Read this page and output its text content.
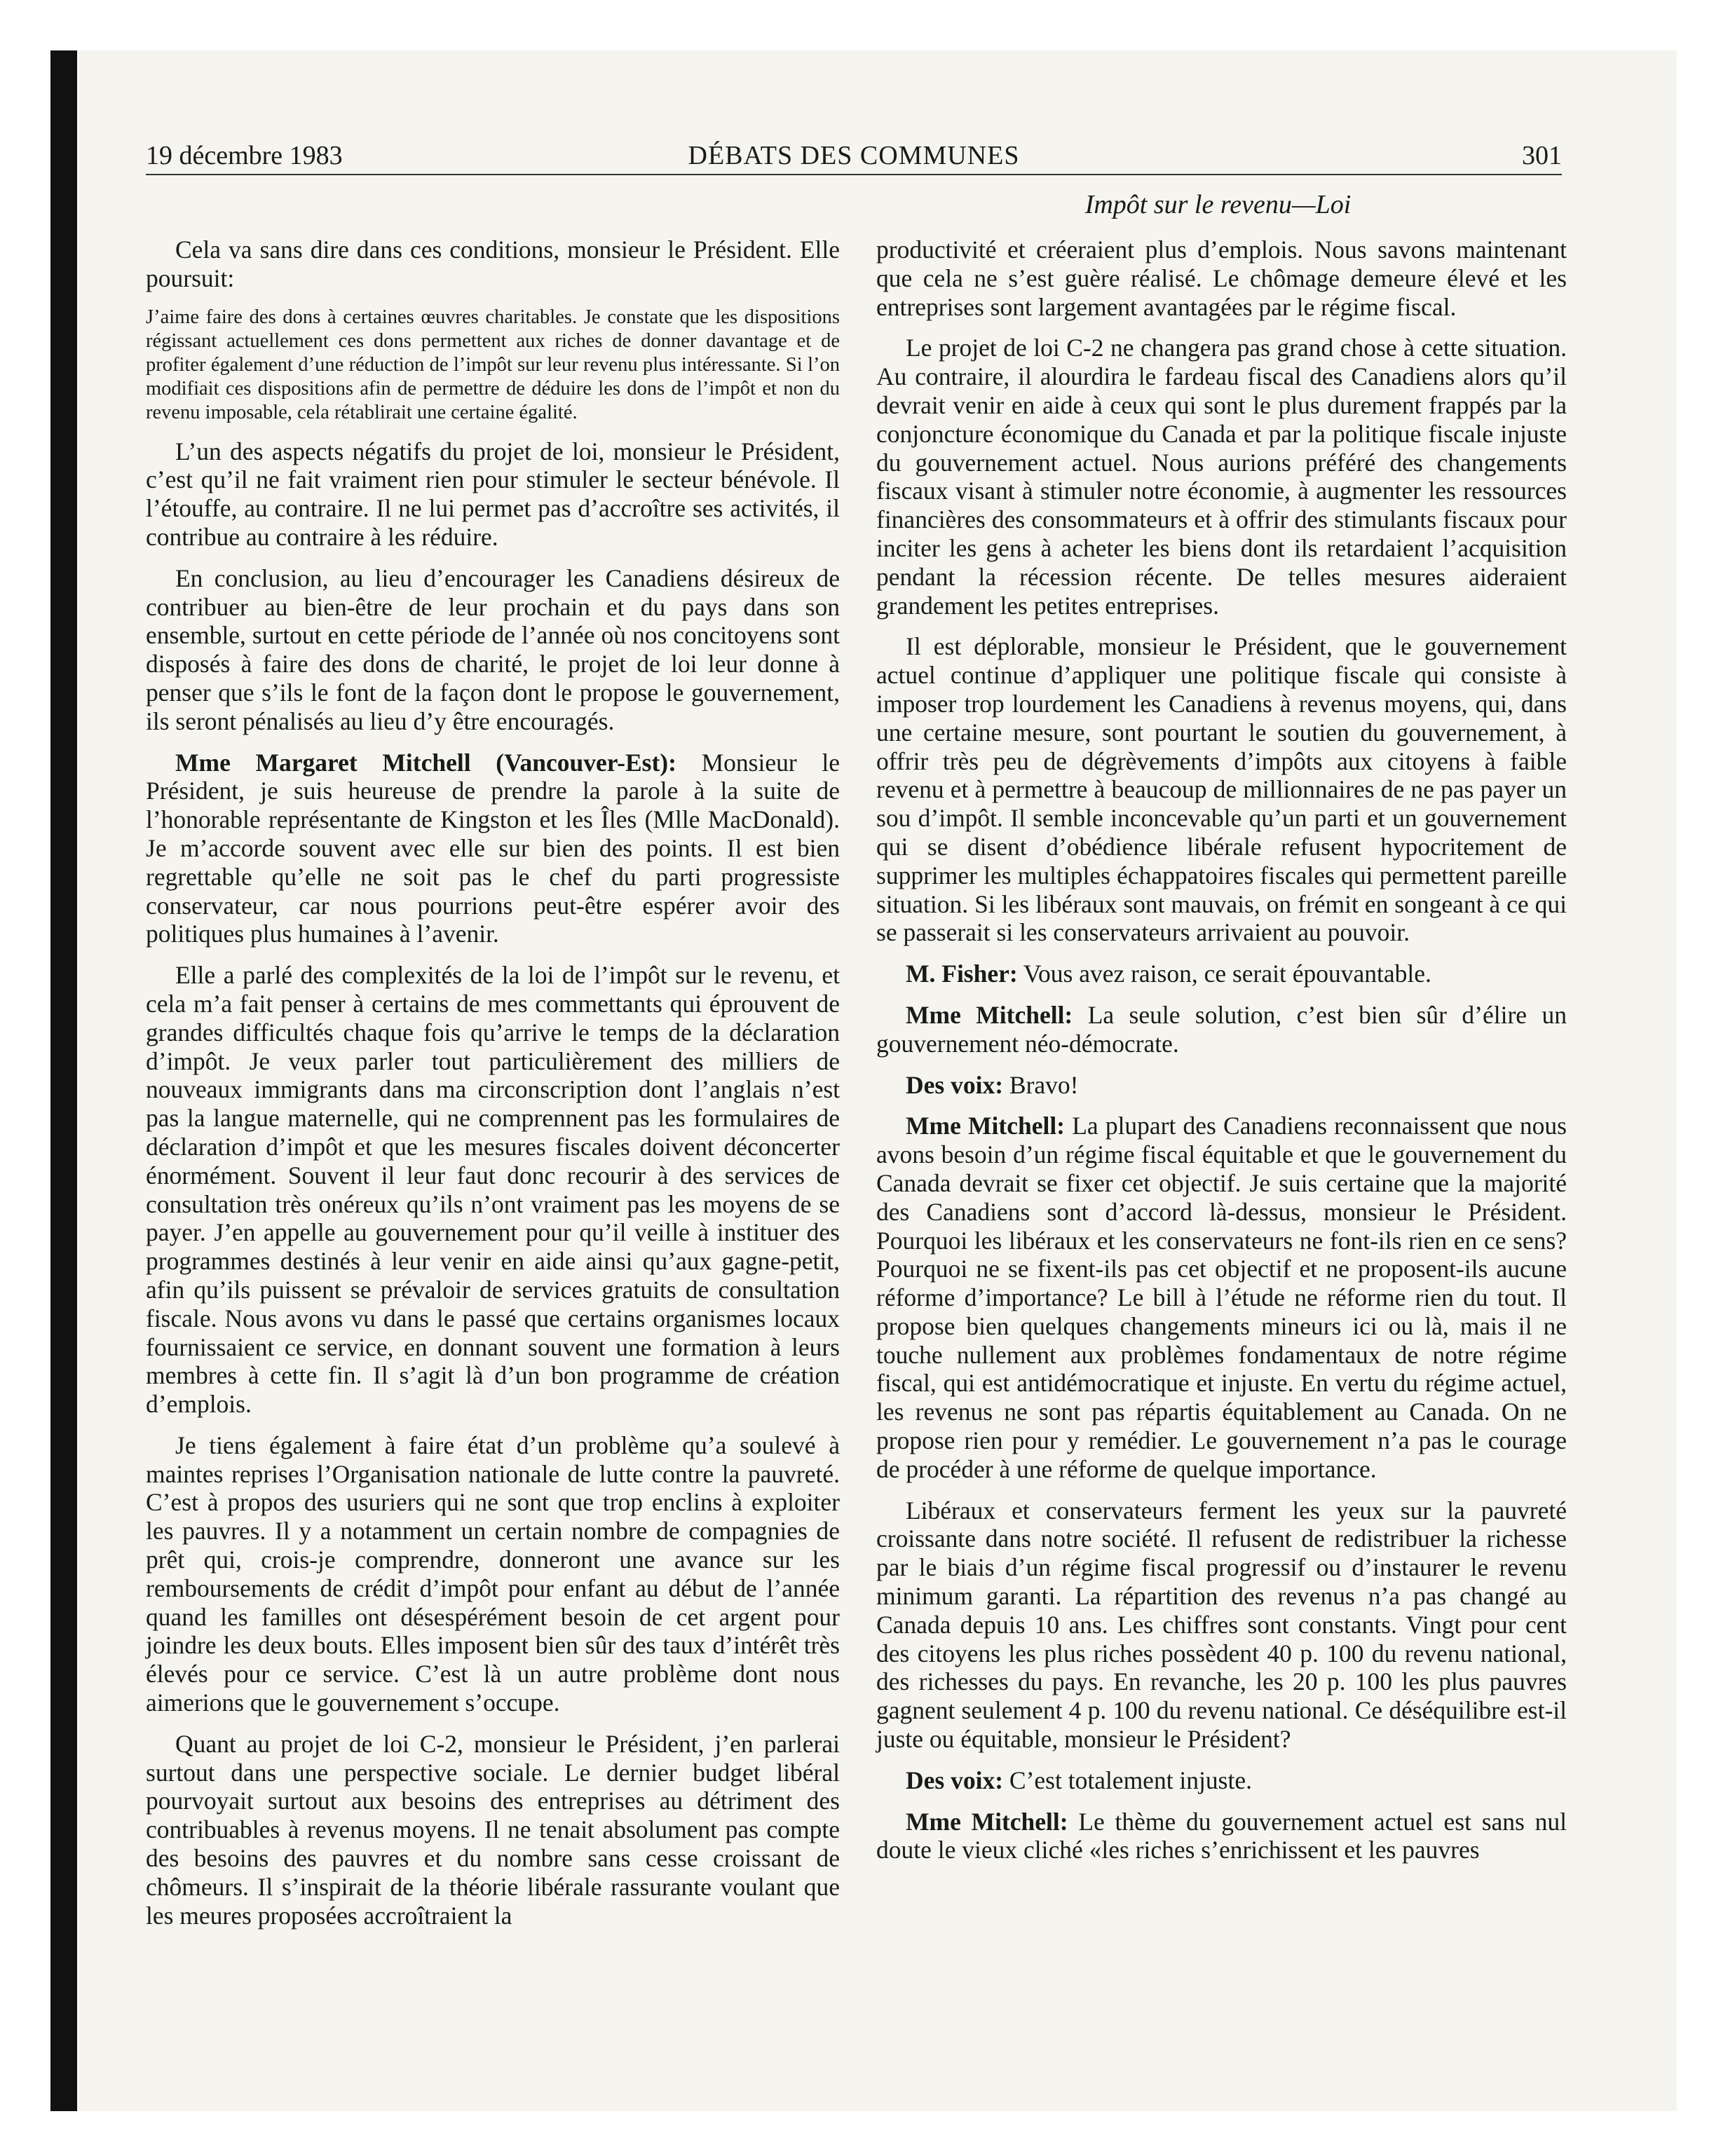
19 décembre 1983	DÉBATS DES COMMUNES	301
Impôt sur le revenu—Loi

Cela va sans dire dans ces conditions, monsieur le Président. Elle poursuit:

J’aime faire des dons à certaines œuvres charitables. Je constate que les dispositions régissant actuellement ces dons permettent aux riches de donner davantage et de profiter également d’une réduction de l’impôt sur leur revenu plus intéressante. Si l’on modifiait ces dispositions afin de permettre de déduire les dons de l’impôt et non du revenu imposable, cela rétablirait une certaine égalité.

L’un des aspects négatifs du projet de loi, monsieur le Président, c’est qu’il ne fait vraiment rien pour stimuler le secteur bénévole. Il l’étouffe, au contraire. Il ne lui permet pas d’accroître ses activités, il contribue au contraire à les réduire.

En conclusion, au lieu d’encourager les Canadiens désireux de contribuer au bien-être de leur prochain et du pays dans son ensemble, surtout en cette période de l’année où nos concitoyens sont disposés à faire des dons de charité, le projet de loi leur donne à penser que s’ils le font de la façon dont le propose le gouvernement, ils seront pénalisés au lieu d’y être encouragés.

Mme Margaret Mitchell (Vancouver-Est): Monsieur le Président, je suis heureuse de prendre la parole à la suite de l’honorable représentante de Kingston et les Îles (Mlle MacDonald). Je m’accorde souvent avec elle sur bien des points. Il est bien regrettable qu’elle ne soit pas le chef du parti progressiste conservateur, car nous pourrions peut-être espérer avoir des politiques plus humaines à l’avenir.

Elle a parlé des complexités de la loi de l’impôt sur le revenu, et cela m’a fait penser à certains de mes commettants qui éprouvent de grandes difficultés chaque fois qu’arrive le temps de la déclaration d’impôt. Je veux parler tout particulièrement des milliers de nouveaux immigrants dans ma circonscription dont l’anglais n’est pas la langue maternelle, qui ne comprennent pas les formulaires de déclaration d’impôt et que les mesures fiscales doivent déconcerter énormément. Souvent il leur faut donc recourir à des services de consultation très onéreux qu’ils n’ont vraiment pas les moyens de se payer. J’en appelle au gouvernement pour qu’il veille à instituer des programmes destinés à leur venir en aide ainsi qu’aux gagne-petit, afin qu’ils puissent se prévaloir de services gratuits de consultation fiscale. Nous avons vu dans le passé que certains organismes locaux fournissaient ce service, en donnant souvent une formation à leurs membres à cette fin. Il s’agit là d’un bon programme de création d’emplois.

Je tiens également à faire état d’un problème qu’a soulevé à maintes reprises l’Organisation nationale de lutte contre la pauvreté. C’est à propos des usuriers qui ne sont que trop enclins à exploiter les pauvres. Il y a notamment un certain nombre de compagnies de prêt qui, crois-je comprendre, donneront une avance sur les remboursements de crédit d’impôt pour enfant au début de l’année quand les familles ont désespérément besoin de cet argent pour joindre les deux bouts. Elles imposent bien sûr des taux d’intérêt très élevés pour ce service. C’est là un autre problème dont nous aimerions que le gouvernement s’occupe.

Quant au projet de loi C-2, monsieur le Président, j’en parlerai surtout dans une perspective sociale. Le dernier budget libéral pourvoyait surtout aux besoins des entreprises au détriment des contribuables à revenus moyens. Il ne tenait absolument pas compte des besoins des pauvres et du nombre sans cesse croissant de chômeurs. Il s’inspirait de la théorie libérale rassurante voulant que les meures proposées accroîtraient la

productivité et créeraient plus d’emplois. Nous savons maintenant que cela ne s’est guère réalisé. Le chômage demeure élevé et les entreprises sont largement avantagées par le régime fiscal.

Le projet de loi C-2 ne changera pas grand chose à cette situation. Au contraire, il alourdira le fardeau fiscal des Canadiens alors qu’il devrait venir en aide à ceux qui sont le plus durement frappés par la conjoncture économique du Canada et par la politique fiscale injuste du gouvernement actuel. Nous aurions préféré des changements fiscaux visant à stimuler notre économie, à augmenter les ressources financières des consommateurs et à offrir des stimulants fiscaux pour inciter les gens à acheter les biens dont ils retardaient l’acquisition pendant la récession récente. De telles mesures aideraient grandement les petites entreprises.

Il est déplorable, monsieur le Président, que le gouvernement actuel continue d’appliquer une politique fiscale qui consiste à imposer trop lourdement les Canadiens à revenus moyens, qui, dans une certaine mesure, sont pourtant le soutien du gouvernement, à offrir très peu de dégrèvements d’impôts aux citoyens à faible revenu et à permettre à beaucoup de millionnaires de ne pas payer un sou d’impôt. Il semble inconcevable qu’un parti et un gouvernement qui se disent d’obédience libérale refusent hypocritement de supprimer les multiples échappatoires fiscales qui permettent pareille situation. Si les libéraux sont mauvais, on frémit en songeant à ce qui se passerait si les conservateurs arrivaient au pouvoir.

M. Fisher: Vous avez raison, ce serait épouvantable.

Mme Mitchell: La seule solution, c’est bien sûr d’élire un gouvernement néo-démocrate.

Des voix: Bravo!

Mme Mitchell: La plupart des Canadiens reconnaissent que nous avons besoin d’un régime fiscal équitable et que le gouvernement du Canada devrait se fixer cet objectif. Je suis certaine que la majorité des Canadiens sont d’accord là-dessus, monsieur le Président. Pourquoi les libéraux et les conservateurs ne font-ils rien en ce sens? Pourquoi ne se fixent-ils pas cet objectif et ne proposent-ils aucune réforme d’importance? Le bill à l’étude ne réforme rien du tout. Il propose bien quelques changements mineurs ici ou là, mais il ne touche nullement aux problèmes fondamentaux de notre régime fiscal, qui est antidémocratique et injuste. En vertu du régime actuel, les revenus ne sont pas répartis équitablement au Canada. On ne propose rien pour y remédier. Le gouvernement n’a pas le courage de procéder à une réforme de quelque importance.

Libéraux et conservateurs ferment les yeux sur la pauvreté croissante dans notre société. Il refusent de redistribuer la richesse par le biais d’un régime fiscal progressif ou d’instaurer le revenu minimum garanti. La répartition des revenus n’a pas changé au Canada depuis 10 ans. Les chiffres sont constants. Vingt pour cent des citoyens les plus riches possèdent 40 p. 100 du revenu national, des richesses du pays. En revanche, les 20 p. 100 les plus pauvres gagnent seulement 4 p. 100 du revenu national. Ce déséquilibre est-il juste ou équitable, monsieur le Président?

Des voix: C’est totalement injuste.

Mme Mitchell: Le thème du gouvernement actuel est sans nul doute le vieux cliché «les riches s’enrichissent et les pauvres
